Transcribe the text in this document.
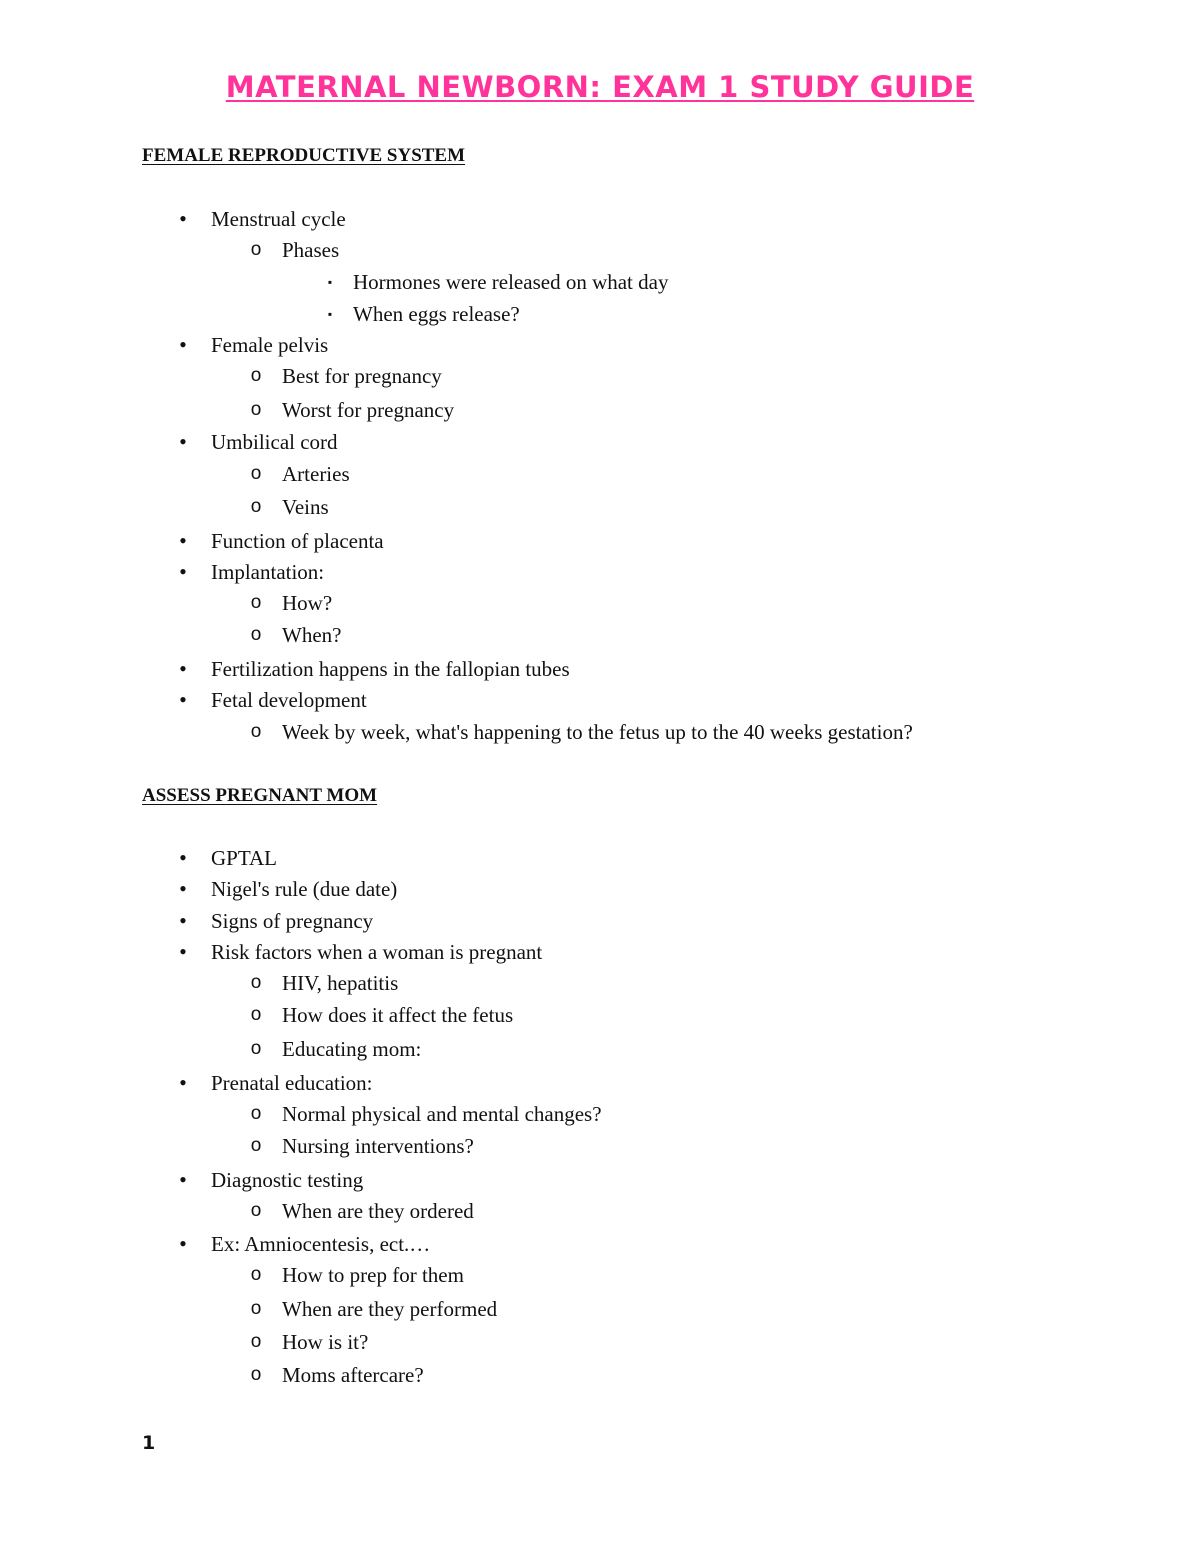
MATERNAL NEWBORN: EXAM 1 STUDY GUIDE
FEMALE REPRODUCTIVE SYSTEM
• Menstrual cycle
o Phases
▪ Hormones were released on what day
▪ When eggs release?
• Female pelvis
o Best for pregnancy
o Worst for pregnancy
• Umbilical cord
o Arteries
o Veins
• Function of placenta
• Implantation:
o How?
o When?
• Fertilization happens in the fallopian tubes
• Fetal development
o Week by week, what's happening to the fetus up to the 40 weeks gestation?
ASSESS PREGNANT MOM
• GPTAL
• Nigel's rule (due date)
• Signs of pregnancy
• Risk factors when a woman is pregnant
o HIV, hepatitis
o How does it affect the fetus
o Educating mom:
• Prenatal education:
o Normal physical and mental changes?
o Nursing interventions?
• Diagnostic testing
o When are they ordered
• Ex: Amniocentesis, ect.…
o How to prep for them
o When are they performed
o How is it?
o Moms aftercare?
1
